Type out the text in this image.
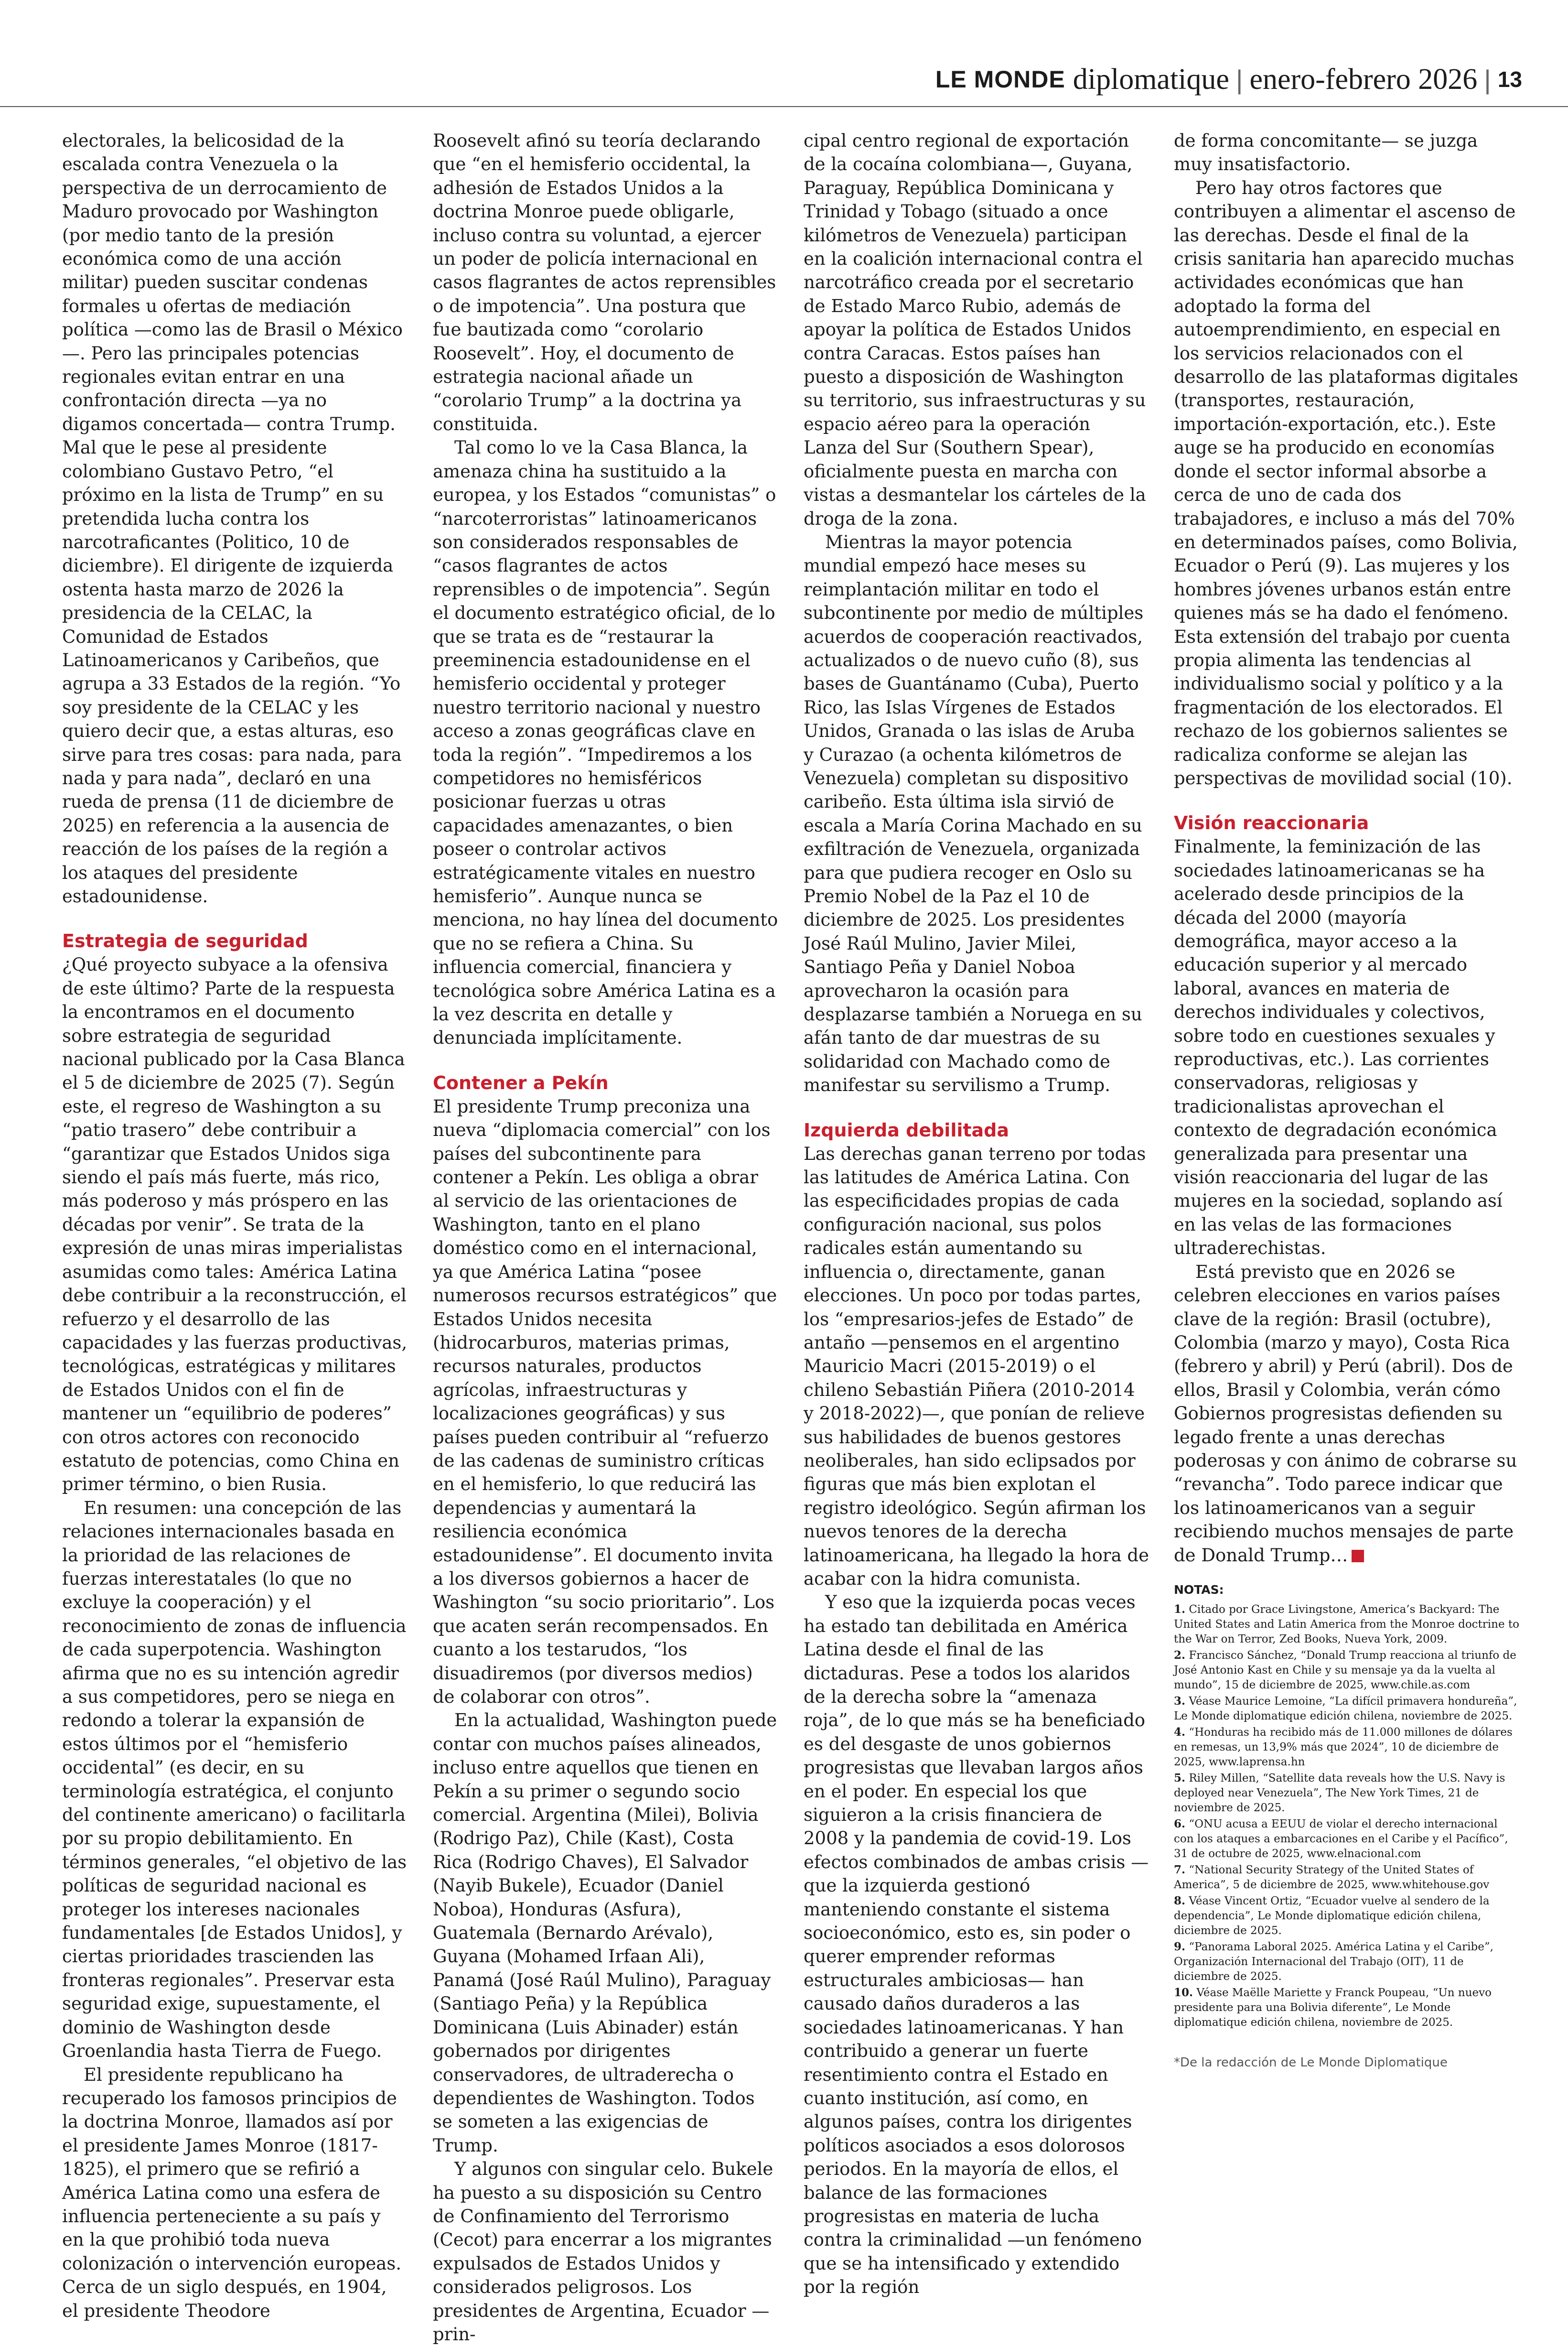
LE MONDE diplomatique | enero-febrero 2026 | 13

electorales, la belicosidad de la escalada contra Venezuela o la perspectiva de un derrocamiento de Maduro provocado por Washington (por medio tanto de la presión económica como de una acción militar) pueden suscitar condenas formales u ofertas de mediación política —como las de Brasil o México—. Pero las principales potencias regionales evitan entrar en una confrontación directa —ya no digamos concertada— contra Trump. Mal que le pese al presidente colombiano Gustavo Petro, “el próximo en la lista de Trump” en su pretendida lucha contra los narcotraficantes (Politico, 10 de diciembre). El dirigente de izquierda ostenta hasta marzo de 2026 la presidencia de la CELAC, la Comunidad de Estados Latinoamericanos y Caribeños, que agrupa a 33 Estados de la región. “Yo soy presidente de la CELAC y les quiero decir que, a estas alturas, eso sirve para tres cosas: para nada, para nada y para nada”, declaró en una rueda de prensa (11 de diciembre de 2025) en referencia a la ausencia de reacción de los países de la región a los ataques del presidente estadounidense.

Estrategia de seguridad

¿Qué proyecto subyace a la ofensiva de este último? Parte de la respuesta la encontramos en el documento sobre estrategia de seguridad nacional publicado por la Casa Blanca el 5 de diciembre de 2025 (7). Según este, el regreso de Washington a su “patio trasero” debe contribuir a “garantizar que Estados Unidos siga siendo el país más fuerte, más rico, más poderoso y más próspero en las décadas por venir”. Se trata de la expresión de unas miras imperialistas asumidas como tales: América Latina debe contribuir a la reconstrucción, el refuerzo y el desarrollo de las capacidades y las fuerzas productivas, tecnológicas, estratégicas y militares de Estados Unidos con el fin de mantener un “equilibrio de poderes” con otros actores con reconocido estatuto de potencias, como China en primer término, o bien Rusia.

En resumen: una concepción de las relaciones internacionales basada en la prioridad de las relaciones de fuerzas interestatales (lo que no excluye la cooperación) y el reconocimiento de zonas de influencia de cada superpotencia. Washington afirma que no es su intención agredir a sus competidores, pero se niega en redondo a tolerar la expansión de estos últimos por el “hemisferio occidental” (es decir, en su terminología estratégica, el conjunto del continente americano) o facilitarla por su propio debilitamiento. En términos generales, “el objetivo de las políticas de seguridad nacional es proteger los intereses nacionales fundamentales [de Estados Unidos], y ciertas prioridades trascienden las fronteras regionales”. Preservar esta seguridad exige, supuestamente, el dominio de Washington desde Groenlandia hasta Tierra de Fuego.

El presidente republicano ha recuperado los famosos principios de la doctrina Monroe, llamados así por el presidente James Monroe (1817-1825), el primero que se refirió a América Latina como una esfera de influencia perteneciente a su país y en la que prohibió toda nueva colonización o intervención europeas. Cerca de un siglo después, en 1904, el presidente Theodore

Roosevelt afinó su teoría declarando que “en el hemisferio occidental, la adhesión de Estados Unidos a la doctrina Monroe puede obligarle, incluso contra su voluntad, a ejercer un poder de policía internacional en casos flagrantes de actos reprensibles o de impotencia”. Una postura que fue bautizada como “corolario Roosevelt”. Hoy, el documento de estrategia nacional añade un “corolario Trump” a la doctrina ya constituida.

Tal como lo ve la Casa Blanca, la amenaza china ha sustituido a la europea, y los Estados “comunistas” o “narcoterroristas” latinoamericanos son considerados responsables de “casos flagrantes de actos reprensibles o de impotencia”. Según el documento estratégico oficial, de lo que se trata es de “restaurar la preeminencia estadounidense en el hemisferio occidental y proteger nuestro territorio nacional y nuestro acceso a zonas geográficas clave en toda la región”. “Impediremos a los competidores no hemisféricos posicionar fuerzas u otras capacidades amenazantes, o bien poseer o controlar activos estratégicamente vitales en nuestro hemisferio”. Aunque nunca se menciona, no hay línea del documento que no se refiera a China. Su influencia comercial, financiera y tecnológica sobre América Latina es a la vez descrita en detalle y denunciada implícitamente.

Contener a Pekín

El presidente Trump preconiza una nueva “diplomacia comercial” con los países del subcontinente para contener a Pekín. Les obliga a obrar al servicio de las orientaciones de Washington, tanto en el plano doméstico como en el internacional, ya que América Latina “posee numerosos recursos estratégicos” que Estados Unidos necesita (hidrocarburos, materias primas, recursos naturales, productos agrícolas, infraestructuras y localizaciones geográficas) y sus países pueden contribuir al “refuerzo de las cadenas de suministro críticas en el hemisferio, lo que reducirá las dependencias y aumentará la resiliencia económica estadounidense”. El documento invita a los diversos gobiernos a hacer de Washington “su socio prioritario”. Los que acaten serán recompensados. En cuanto a los testarudos, “los disuadiremos (por diversos medios) de colaborar con otros”.

En la actualidad, Washington puede contar con muchos países alineados, incluso entre aquellos que tienen en Pekín a su primer o segundo socio comercial. Argentina (Milei), Bolivia (Rodrigo Paz), Chile (Kast), Costa Rica (Rodrigo Chaves), El Salvador (Nayib Bukele), Ecuador (Daniel Noboa), Honduras (Asfura), Guatemala (Bernardo Arévalo), Guyana (Mohamed Irfaan Ali), Panamá (José Raúl Mulino), Paraguay (Santiago Peña) y la República Dominicana (Luis Abinader) están gobernados por dirigentes conservadores, de ultraderecha o dependientes de Washington. Todos se someten a las exigencias de Trump.

Y algunos con singular celo. Bukele ha puesto a su disposición su Centro de Confinamiento del Terrorismo (Cecot) para encerrar a los migrantes expulsados de Estados Unidos y considerados peligrosos. Los presidentes de Argentina, Ecuador —prin-

cipal centro regional de exportación de la cocaína colombiana—, Guyana, Paraguay, República Dominicana y Trinidad y Tobago (situado a once kilómetros de Venezuela) participan en la coalición internacional contra el narcotráfico creada por el secretario de Estado Marco Rubio, además de apoyar la política de Estados Unidos contra Caracas. Estos países han puesto a disposición de Washington su territorio, sus infraestructuras y su espacio aéreo para la operación Lanza del Sur (Southern Spear), oficialmente puesta en marcha con vistas a desmantelar los cárteles de la droga de la zona.

Mientras la mayor potencia mundial empezó hace meses su reimplantación militar en todo el subcontinente por medio de múltiples acuerdos de cooperación reactivados, actualizados o de nuevo cuño (8), sus bases de Guantánamo (Cuba), Puerto Rico, las Islas Vírgenes de Estados Unidos, Granada o las islas de Aruba y Curazao (a ochenta kilómetros de Venezuela) completan su dispositivo caribeño. Esta última isla sirvió de escala a María Corina Machado en su exfiltración de Venezuela, organizada para que pudiera recoger en Oslo su Premio Nobel de la Paz el 10 de diciembre de 2025. Los presidentes José Raúl Mulino, Javier Milei, Santiago Peña y Daniel Noboa aprovecharon la ocasión para desplazarse también a Noruega en su afán tanto de dar muestras de su solidaridad con Machado como de manifestar su servilismo a Trump.

Izquierda debilitada

Las derechas ganan terreno por todas las latitudes de América Latina. Con las especificidades propias de cada configuración nacional, sus polos radicales están aumentando su influencia o, directamente, ganan elecciones. Un poco por todas partes, los “empresarios-jefes de Estado” de antaño —pensemos en el argentino Mauricio Macri (2015-2019) o el chileno Sebastián Piñera (2010-2014 y 2018-2022)—, que ponían de relieve sus habilidades de buenos gestores neoliberales, han sido eclipsados por figuras que más bien explotan el registro ideológico. Según afirman los nuevos tenores de la derecha latinoamericana, ha llegado la hora de acabar con la hidra comunista.

Y eso que la izquierda pocas veces ha estado tan debilitada en América Latina desde el final de las dictaduras. Pese a todos los alaridos de la derecha sobre la “amenaza roja”, de lo que más se ha beneficiado es del desgaste de unos gobiernos progresistas que llevaban largos años en el poder. En especial los que siguieron a la crisis financiera de 2008 y la pandemia de covid-19. Los efectos combinados de ambas crisis —que la izquierda gestionó manteniendo constante el sistema socioeconómico, esto es, sin poder o querer emprender reformas estructurales ambiciosas— han causado daños duraderos a las sociedades latinoamericanas. Y han contribuido a generar un fuerte resentimiento contra el Estado en cuanto institución, así como, en algunos países, contra los dirigentes políticos asociados a esos dolorosos periodos. En la mayoría de ellos, el balance de las formaciones progresistas en materia de lucha contra la criminalidad —un fenómeno que se ha intensificado y extendido por la región

de forma concomitante— se juzga muy insatisfactorio.

Pero hay otros factores que contribuyen a alimentar el ascenso de las derechas. Desde el final de la crisis sanitaria han aparecido muchas actividades económicas que han adoptado la forma del autoemprendimiento, en especial en los servicios relacionados con el desarrollo de las plataformas digitales (transportes, restauración, importación-exportación, etc.). Este auge se ha producido en economías donde el sector informal absorbe a cerca de uno de cada dos trabajadores, e incluso a más del 70% en determinados países, como Bolivia, Ecuador o Perú (9). Las mujeres y los hombres jóvenes urbanos están entre quienes más se ha dado el fenómeno. Esta extensión del trabajo por cuenta propia alimenta las tendencias al individualismo social y político y a la fragmentación de los electorados. El rechazo de los gobiernos salientes se radicaliza conforme se alejan las perspectivas de movilidad social (10).

Visión reaccionaria

Finalmente, la feminización de las sociedades latinoamericanas se ha acelerado desde principios de la década del 2000 (mayoría demográfica, mayor acceso a la educación superior y al mercado laboral, avances en materia de derechos individuales y colectivos, sobre todo en cuestiones sexuales y reproductivas, etc.). Las corrientes conservadoras, religiosas y tradicionalistas aprovechan el contexto de degradación económica generalizada para presentar una visión reaccionaria del lugar de las mujeres en la sociedad, soplando así en las velas de las formaciones ultraderechistas.

Está previsto que en 2026 se celebren elecciones en varios países clave de la región: Brasil (octubre), Colombia (marzo y mayo), Costa Rica (febrero y abril) y Perú (abril). Dos de ellos, Brasil y Colombia, verán cómo Gobiernos progresistas defienden su legado frente a unas derechas poderosas y con ánimo de cobrarse su “revancha”. Todo parece indicar que los latinoamericanos van a seguir recibiendo muchos mensajes de parte de Donald Trump…

NOTAS:
1. Citado por Grace Livingstone, America’s Backyard: The United States and Latin America from the Monroe doctrine to the War on Terror, Zed Books, Nueva York, 2009.
2. Francisco Sánchez, “Donald Trump reacciona al triunfo de José Antonio Kast en Chile y su mensaje ya da la vuelta al mundo”, 15 de diciembre de 2025, www.chile.as.com
3. Véase Maurice Lemoine, “La difícil primavera hondureña”, Le Monde diplomatique edición chilena, noviembre de 2025.
4. “Honduras ha recibido más de 11.000 millones de dólares en remesas, un 13,9% más que 2024”, 10 de diciembre de 2025, www.laprensa.hn
5. Riley Millen, “Satellite data reveals how the U.S. Navy is deployed near Venezuela”, The New York Times, 21 de noviembre de 2025.
6. “ONU acusa a EEUU de violar el derecho internacional con los ataques a embarcaciones en el Caribe y el Pacífico”, 31 de octubre de 2025, www.elnacional.com
7. “National Security Strategy of the United States of America”, 5 de diciembre de 2025, www.whitehouse.gov
8. Véase Vincent Ortiz, “Ecuador vuelve al sendero de la dependencia”, Le Monde diplomatique edición chilena, diciembre de 2025.
9. “Panorama Laboral 2025. América Latina y el Caribe”, Organización Internacional del Trabajo (OIT), 11 de diciembre de 2025.
10. Véase Maëlle Mariette y Franck Poupeau, “Un nuevo presidente para una Bolivia diferente”, Le Monde diplomatique edición chilena, noviembre de 2025.
*De la redacción de Le Monde Diplomatique
